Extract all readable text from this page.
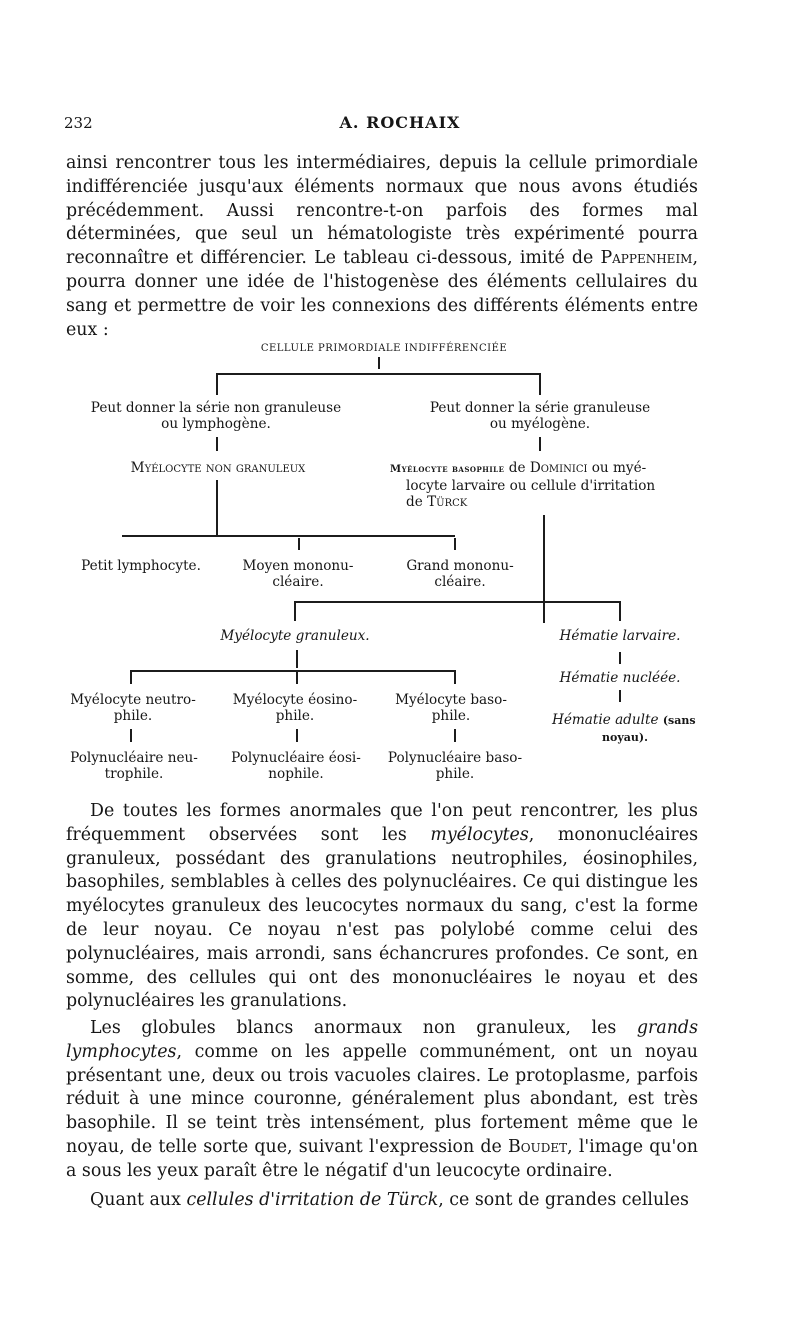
232	A. ROCHAIX

ainsi rencontrer tous les intermédiaires, depuis la cellule primordiale indifférenciée jusqu'aux éléments normaux que nous avons étudiés précédemment. Aussi rencontre-t-on parfois des formes mal déterminées, que seul un hématologiste très expérimenté pourra reconnaître et différencier. Le tableau ci-dessous, imité de Pappenheim, pourra donner une idée de l'histogenèse des éléments cellulaires du sang et permettre de voir les connexions des différents éléments entre eux :

CELLULE PRIMORDIALE INDIFFÉRENCIÉE
Peut donner la série non granuleuse
ou lymphogène.
Peut donner la série granuleuse
ou myélogène.
Myélocyte non granuleux	Myélocyte basophile de Dominici ou myé-
locyte larvaire ou cellule d'irritation
de Türck
Petit lymphocyte.	Moyen mononu-
cléaire.
Grand mononu-
cléaire.
Myélocyte granuleux.	Hématie larvaire.
Hématie nucléée.
Myélocyte neutro-
phile.
Myélocyte éosino-
phile.
Myélocyte baso-
phile.	Hématie adulte (sans
noyau).
Polynucléaire neu-
trophile.
Polynucléaire éosi-
nophile.
Polynucléaire baso-
phile.

De toutes les formes anormales que l'on peut rencontrer, les plus fréquemment observées sont les myélocytes, mononucléaires granuleux, possédant des granulations neutrophiles, éosinophiles, basophiles, semblables à celles des polynucléaires. Ce qui distingue les myélocytes granuleux des leucocytes normaux du sang, c'est la forme de leur noyau. Ce noyau n'est pas polylobé comme celui des polynucléaires, mais arrondi, sans échancrures profondes. Ce sont, en somme, des cellules qui ont des mononucléaires le noyau et des polynucléaires les granulations.

Les globules blancs anormaux non granuleux, les grands lymphocytes, comme on les appelle communément, ont un noyau présentant une, deux ou trois vacuoles claires. Le protoplasme, parfois réduit à une mince couronne, généralement plus abondant, est très basophile. Il se teint très intensément, plus fortement même que le noyau, de telle sorte que, suivant l'expression de Boudet, l'image qu'on a sous les yeux paraît être le négatif d'un leucocyte ordinaire.

Quant aux cellules d'irritation de Türck, ce sont de grandes cellules
